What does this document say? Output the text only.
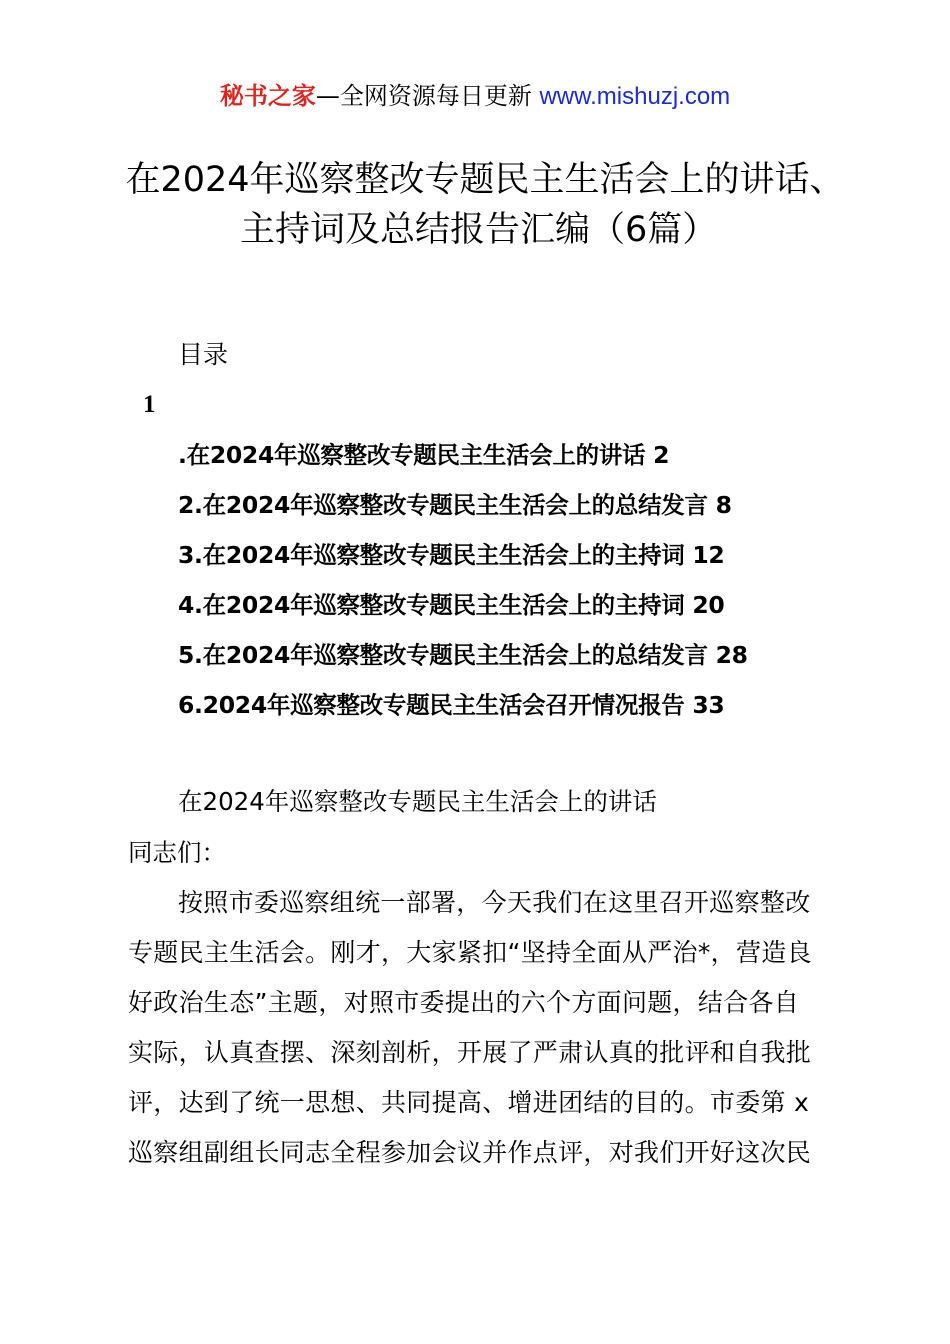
秘书之家—全网资源每日更新 www.mishuzj.com
在2024年巡察整改专题民主生活会上的讲话、
主持词及总结报告汇编（6篇）
目录
1
.在2024年巡察整改专题民主生活会上的讲话 2
2.在2024年巡察整改专题民主生活会上的总结发言 8
3.在2024年巡察整改专题民主生活会上的主持词 12
4.在2024年巡察整改专题民主生活会上的主持词 20
5.在2024年巡察整改专题民主生活会上的总结发言 28
6.2024年巡察整改专题民主生活会召开情况报告 33
在2024年巡察整改专题民主生活会上的讲话
同志们：
按照市委巡察组统一部署，今天我们在这里召开巡察整改
专题民主生活会。刚才，大家紧扣“坚持全面从严治*，营造良
好政治生态”主题，对照市委提出的六个方面问题，结合各自
实际，认真查摆、深刻剖析，开展了严肃认真的批评和自我批
评，达到了统一思想、共同提高、增进团结的目的。市委第 x
巡察组副组长同志全程参加会议并作点评，对我们开好这次民
